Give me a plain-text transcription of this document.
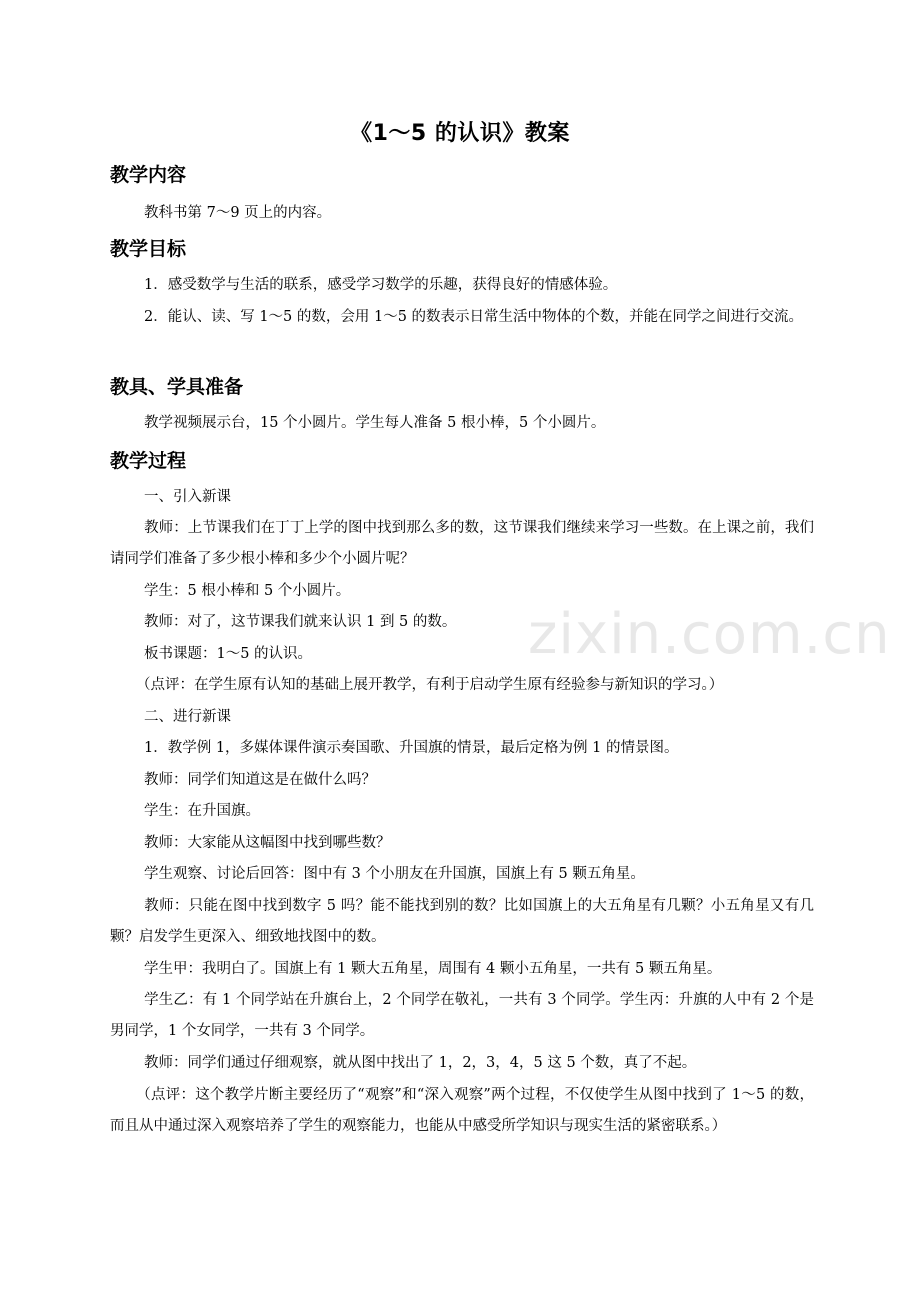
zixin.com.cn
《1～5 的认识》教案
教学内容
教科书第 7～9 页上的内容。
教学目标
1．感受数学与生活的联系，感受学习数学的乐趣，获得良好的情感体验。
2．能认、读、写 1～5 的数，会用 1～5 的数表示日常生活中物体的个数，并能在同学之间进行交流。
教具、学具准备
教学视频展示台，15 个小圆片。学生每人准备 5 根小棒，5 个小圆片。
教学过程
一、引入新课
教师：上节课我们在丁丁上学的图中找到那么多的数，这节课我们继续来学习一些数。在上课之前，我们请同学们准备了多少根小棒和多少个小圆片呢？
学生：5 根小棒和 5 个小圆片。
教师：对了，这节课我们就来认识 1 到 5 的数。
板书课题：1～5 的认识。
（点评：在学生原有认知的基础上展开教学，有利于启动学生原有经验参与新知识的学习。）
二、进行新课
1．教学例 1，多媒体课件演示奏国歌、升国旗的情景，最后定格为例 1 的情景图。
教师：同学们知道这是在做什么吗？
学生：在升国旗。
教师：大家能从这幅图中找到哪些数？
学生观察、讨论后回答：图中有 3 个小朋友在升国旗，国旗上有 5 颗五角星。
教师：只能在图中找到数字 5 吗？能不能找到别的数？比如国旗上的大五角星有几颗？小五角星又有几颗？启发学生更深入、细致地找图中的数。
学生甲：我明白了。国旗上有 1 颗大五角星，周围有 4 颗小五角星，一共有 5 颗五角星。
学生乙：有 1 个同学站在升旗台上，2 个同学在敬礼，一共有 3 个同学。学生丙：升旗的人中有 2 个是男同学，1 个女同学，一共有 3 个同学。
教师：同学们通过仔细观察，就从图中找出了 1，2，3，4，5 这 5 个数，真了不起。
（点评：这个教学片断主要经历了“观察”和“深入观察”两个过程，不仅使学生从图中找到了 1～5 的数，而且从中通过深入观察培养了学生的观察能力，也能从中感受所学知识与现实生活的紧密联系。）
